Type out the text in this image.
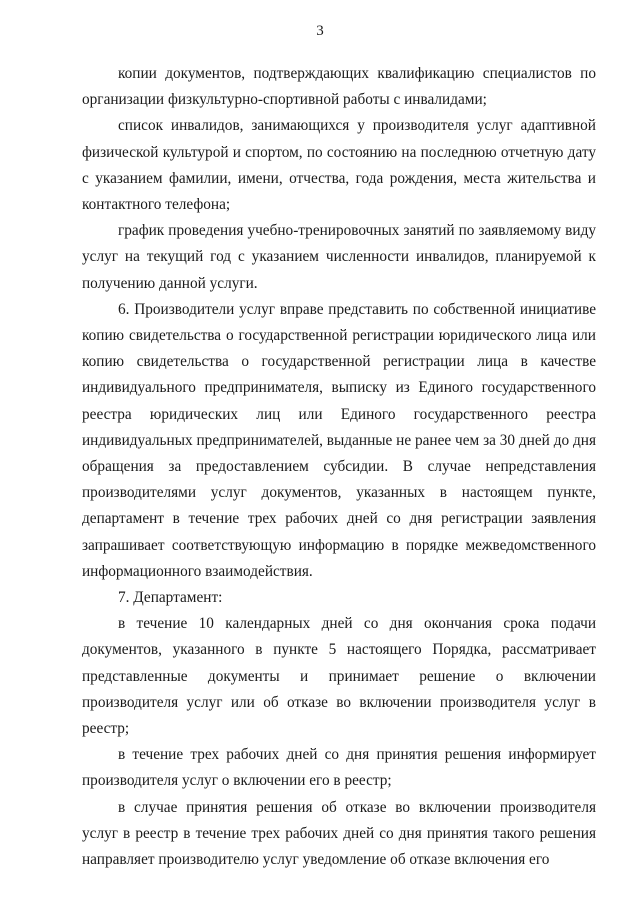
3

копии документов, подтверждающих квалификацию специалистов по организации физкультурно-спортивной работы с инвалидами;

список инвалидов, занимающихся у производителя услуг адаптивной физической культурой и спортом, по состоянию на последнюю отчетную дату с указанием фамилии, имени, отчества, года рождения, места жительства и контактного телефона;

график проведения учебно-тренировочных занятий по заявляемому виду услуг на текущий год с указанием численности инвалидов, планируемой к получению данной услуги.

6. Производители услуг вправе представить по собственной инициативе копию свидетельства о государственной регистрации юридического лица или копию свидетельства о государственной регистрации лица в качестве индивидуального предпринимателя, выписку из Единого государственного реестра юридических лиц или Единого государственного реестра индивидуальных предпринимателей, выданные не ранее чем за 30 дней до дня обращения за предоставлением субсидии. В случае непредставления производителями услуг документов, указанных в настоящем пункте, департамент в течение трех рабочих дней со дня регистрации заявления запрашивает соответствующую информацию в порядке межведомственного информационного взаимодействия.

7. Департамент:

в течение 10 календарных дней со дня окончания срока подачи документов, указанного в пункте 5 настоящего Порядка, рассматривает представленные документы и принимает решение о включении производителя услуг или об отказе во включении производителя услуг в реестр;

в течение трех рабочих дней со дня принятия решения информирует производителя услуг о включении его в реестр;

в случае принятия решения об отказе во включении производителя услуг в реестр в течение трех рабочих дней со дня принятия такого решения направляет производителю услуг уведомление об отказе включения его
